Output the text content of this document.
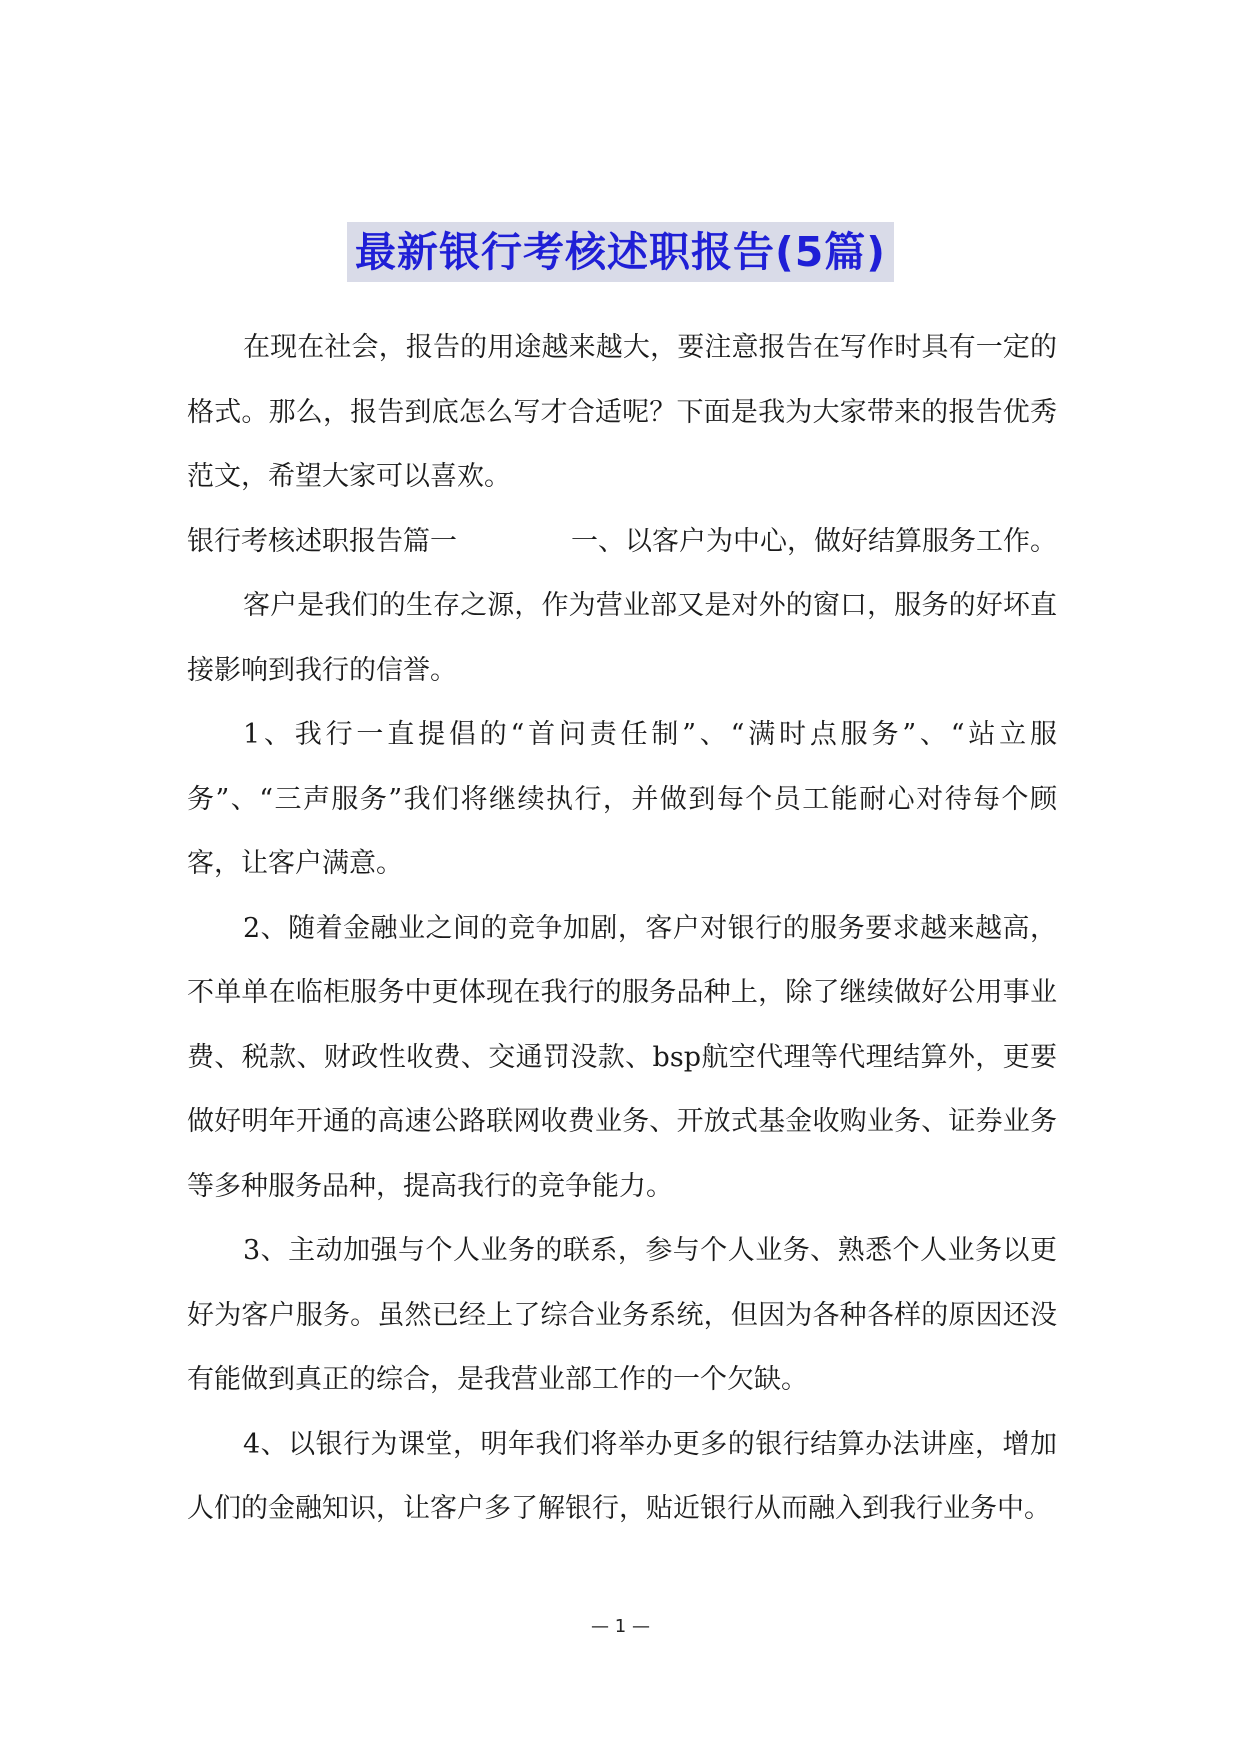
最新银行考核述职报告(5篇)

在现在社会，报告的用途越来越大，要注意报告在写作时具有一定的格式。那么，报告到底怎么写才合适呢？下面是我为大家带来的报告优秀范文，希望大家可以喜欢。

银行考核述职报告篇一	一、以客户为中心，做好结算服务工作。

客户是我们的生存之源，作为营业部又是对外的窗口，服务的好坏直接影响到我行的信誉。

1、我行一直提倡的“首问责任制”、“满时点服务”、“站立服务”、“三声服务”我们将继续执行，并做到每个员工能耐心对待每个顾客，让客户满意。

2、随着金融业之间的竞争加剧，客户对银行的服务要求越来越高，不单单在临柜服务中更体现在我行的服务品种上，除了继续做好公用事业费、税款、财政性收费、交通罚没款、bsp航空代理等代理结算外，更要做好明年开通的高速公路联网收费业务、开放式基金收购业务、证券业务等多种服务品种，提高我行的竞争能力。

3、主动加强与个人业务的联系，参与个人业务、熟悉个人业务以更好为客户服务。虽然已经上了综合业务系统，但因为各种各样的原因还没有能做到真正的综合，是我营业部工作的一个欠缺。

4、以银行为课堂，明年我们将举办更多的银行结算办法讲座，增加人们的金融知识，让客户多了解银行，贴近银行从而融入到我行业务中。

— 1 —
